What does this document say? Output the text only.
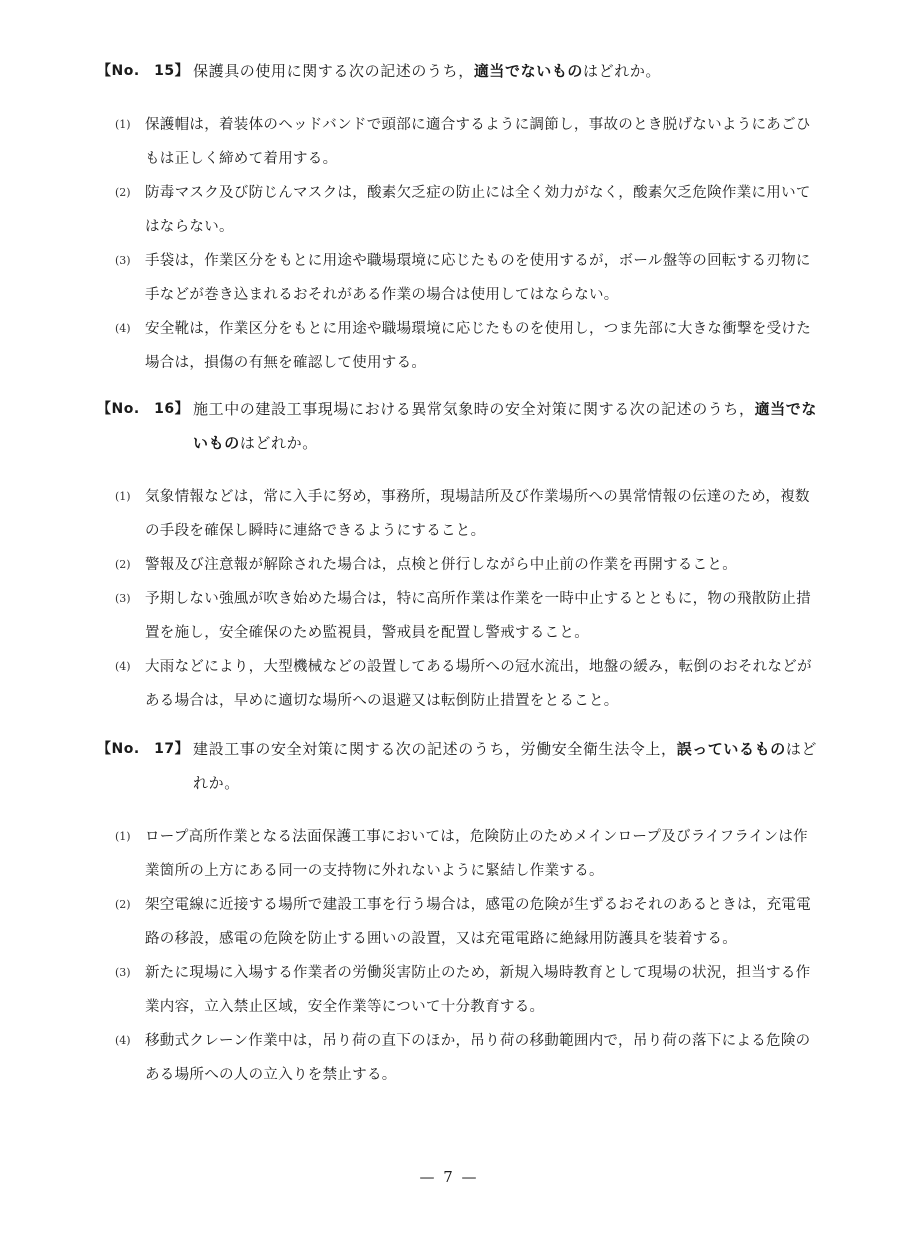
【No.　15】 保護具の使用に関する次の記述のうち，適当でないものはどれか。
(1) 保護帽は，着装体のヘッドバンドで頭部に適合するように調節し，事故のとき脱げないようにあごひもは正しく締めて着用する。
(2) 防毒マスク及び防じんマスクは，酸素欠乏症の防止には全く効力がなく，酸素欠乏危険作業に用いてはならない。
(3) 手袋は，作業区分をもとに用途や職場環境に応じたものを使用するが，ボール盤等の回転する刃物に手などが巻き込まれるおそれがある作業の場合は使用してはならない。
(4) 安全靴は，作業区分をもとに用途や職場環境に応じたものを使用し，つま先部に大きな衝撃を受けた場合は，損傷の有無を確認して使用する。
【No.　16】 施工中の建設工事現場における異常気象時の安全対策に関する次の記述のうち，適当でないものはどれか。
(1) 気象情報などは，常に入手に努め，事務所，現場詰所及び作業場所への異常情報の伝達のため，複数の手段を確保し瞬時に連絡できるようにすること。
(2) 警報及び注意報が解除された場合は，点検と併行しながら中止前の作業を再開すること。
(3) 予期しない強風が吹き始めた場合は，特に高所作業は作業を一時中止するとともに，物の飛散防止措置を施し，安全確保のため監視員，警戒員を配置し警戒すること。
(4) 大雨などにより，大型機械などの設置してある場所への冠水流出，地盤の緩み，転倒のおそれなどがある場合は，早めに適切な場所への退避又は転倒防止措置をとること。
【No.　17】 建設工事の安全対策に関する次の記述のうち，労働安全衛生法令上，誤っているものはどれか。
(1) ロープ高所作業となる法面保護工事においては，危険防止のためメインロープ及びライフラインは作業箇所の上方にある同一の支持物に外れないように緊結し作業する。
(2) 架空電線に近接する場所で建設工事を行う場合は，感電の危険が生ずるおそれのあるときは，充電電路の移設，感電の危険を防止する囲いの設置，又は充電電路に絶縁用防護具を装着する。
(3) 新たに現場に入場する作業者の労働災害防止のため，新規入場時教育として現場の状況，担当する作業内容，立入禁止区域，安全作業等について十分教育する。
(4) 移動式クレーン作業中は，吊り荷の直下のほか，吊り荷の移動範囲内で，吊り荷の落下による危険のある場所への人の立入りを禁止する。
— 7 —
